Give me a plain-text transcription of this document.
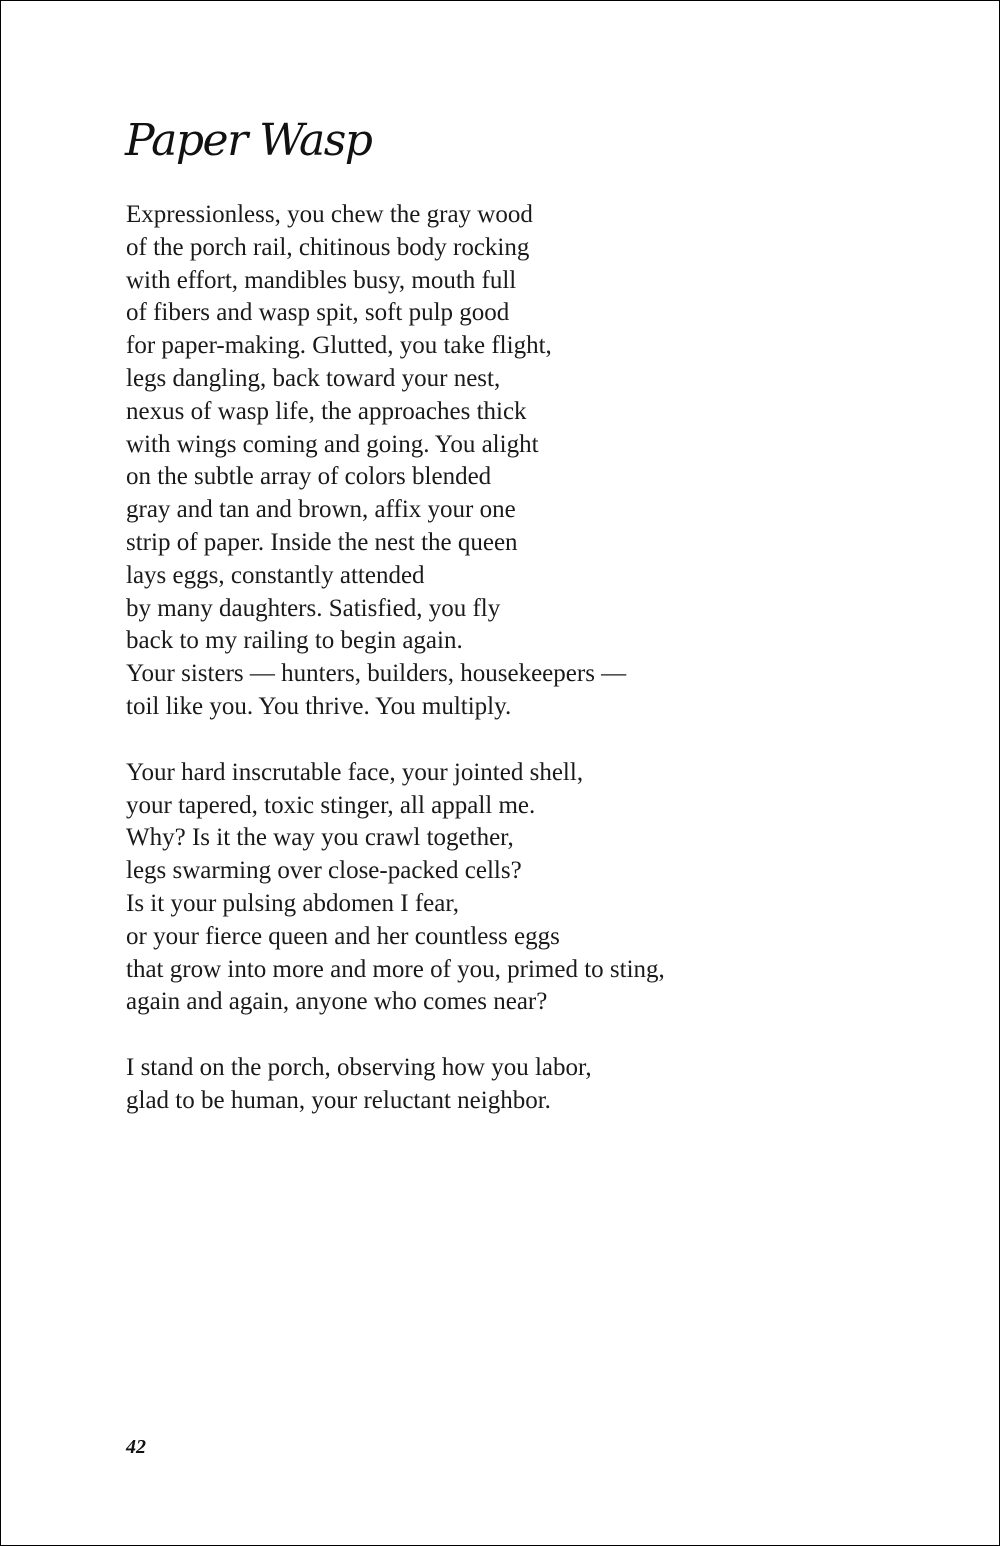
Paper Wasp
Expressionless, you chew the gray wood
of the porch rail, chitinous body rocking
with effort, mandibles busy, mouth full
of fibers and wasp spit, soft pulp good
for paper-making. Glutted, you take flight,
legs dangling, back toward your nest,
nexus of wasp life, the approaches thick
with wings coming and going. You alight
on the subtle array of colors blended
gray and tan and brown, affix your one
strip of paper. Inside the nest the queen
lays eggs, constantly attended
by many daughters. Satisfied, you fly
back to my railing to begin again.
Your sisters — hunters, builders, housekeepers —
toil like you. You thrive. You multiply.
Your hard inscrutable face, your jointed shell,
your tapered, toxic stinger, all appall me.
Why? Is it the way you crawl together,
legs swarming over close-packed cells?
Is it your pulsing abdomen I fear,
or your fierce queen and her countless eggs
that grow into more and more of you, primed to sting,
again and again, anyone who comes near?
I stand on the porch, observing how you labor,
glad to be human, your reluctant neighbor.
42
